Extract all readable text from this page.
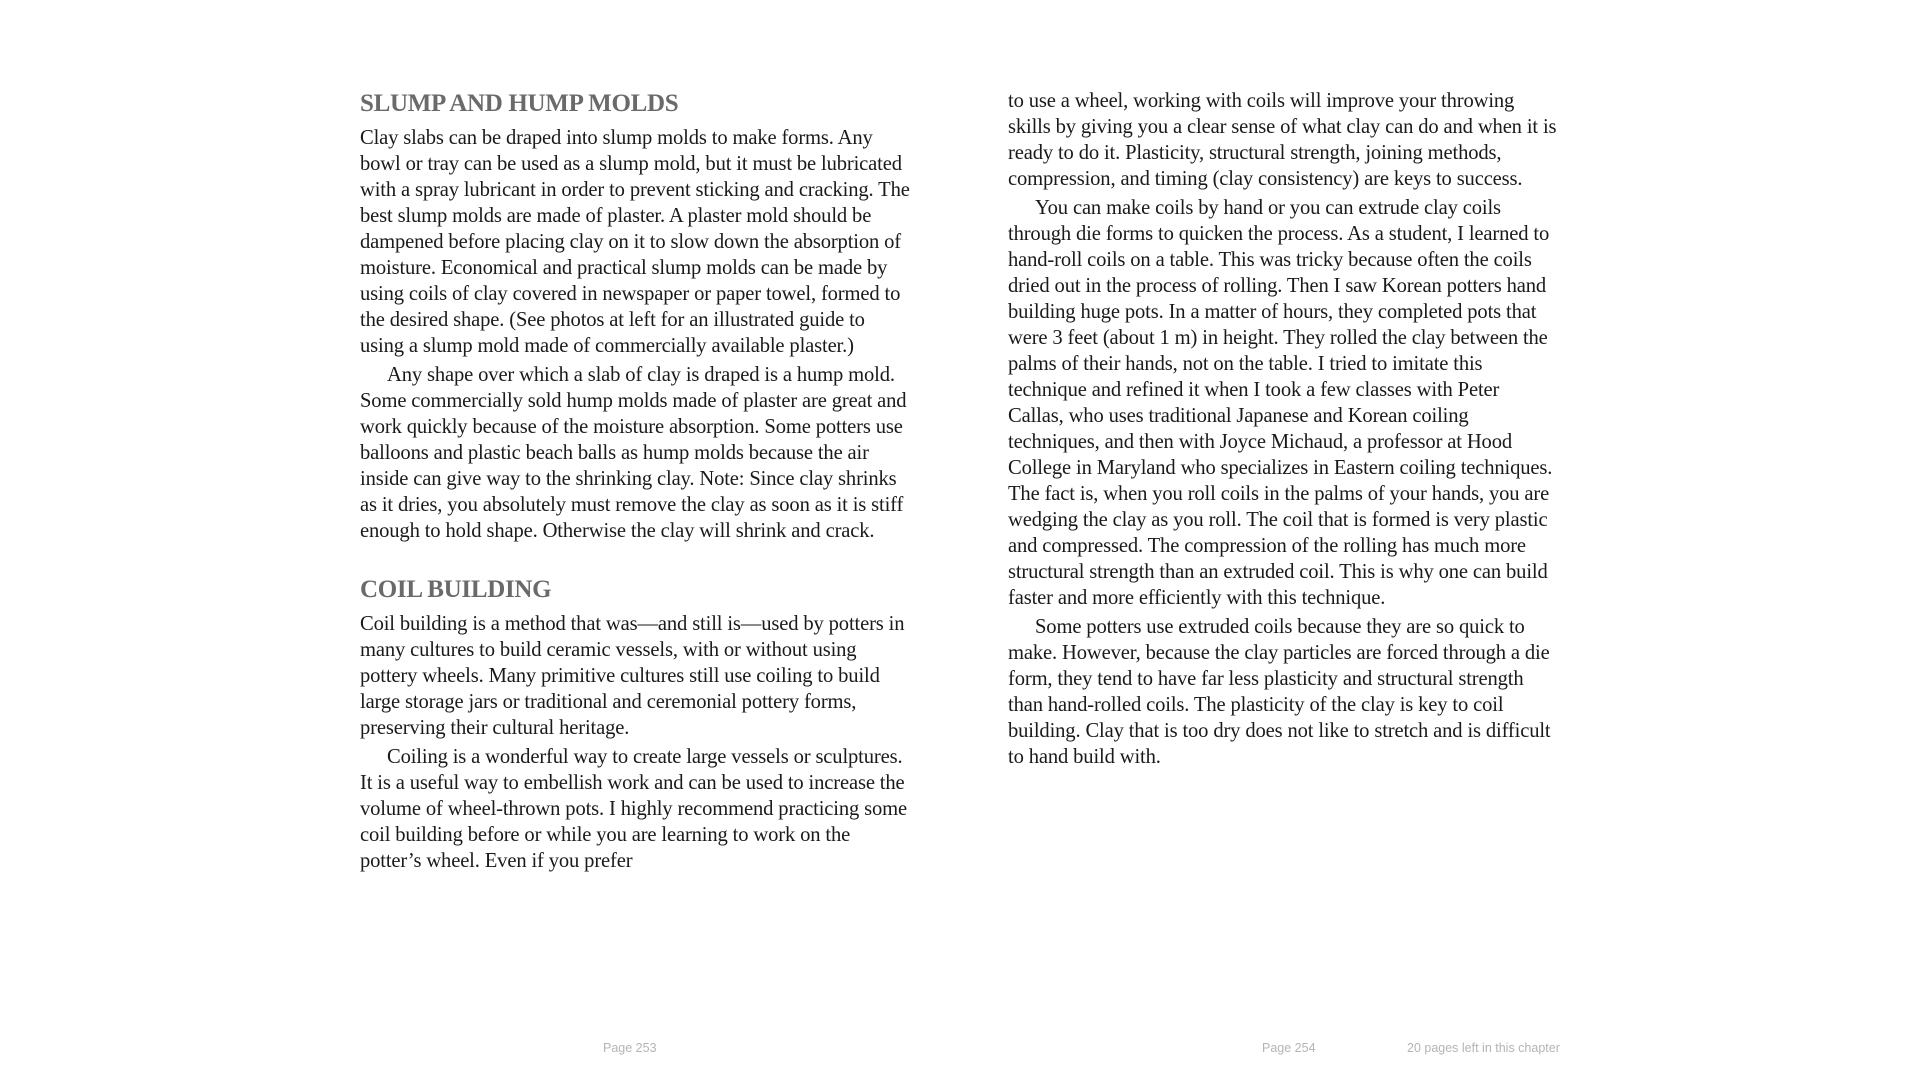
SLUMP AND HUMP MOLDS

Clay slabs can be draped into slump molds to make forms. Any bowl or tray can be used as a slump mold, but it must be lubricated with a spray lubricant in order to prevent sticking and cracking. The best slump molds are made of plaster. A plaster mold should be dampened before placing clay on it to slow down the absorption of moisture. Economical and practical slump molds can be made by using coils of clay covered in newspaper or paper towel, formed to the desired shape. (See photos at left for an illustrated guide to using a slump mold made of commercially available plaster.)

Any shape over which a slab of clay is draped is a hump mold. Some commercially sold hump molds made of plaster are great and work quickly because of the moisture absorption. Some potters use balloons and plastic beach balls as hump molds because the air inside can give way to the shrinking clay. Note: Since clay shrinks as it dries, you absolutely must remove the clay as soon as it is stiff enough to hold shape. Otherwise the clay will shrink and crack.

COIL BUILDING

Coil building is a method that was—and still is—used by potters in many cultures to build ceramic vessels, with or without using pottery wheels. Many primitive cultures still use coiling to build large storage jars or traditional and ceremonial pottery forms, preserving their cultural heritage.

Coiling is a wonderful way to create large vessels or sculptures. It is a useful way to embellish work and can be used to increase the volume of wheel-thrown pots. I highly recommend practicing some coil building before or while you are learning to work on the potter’s wheel. Even if you prefer

to use a wheel, working with coils will improve your throwing skills by giving you a clear sense of what clay can do and when it is ready to do it. Plasticity, structural strength, joining methods, compression, and timing (clay consistency) are keys to success.

You can make coils by hand or you can extrude clay coils through die forms to quicken the process. As a student, I learned to hand-roll coils on a table. This was tricky because often the coils dried out in the process of rolling. Then I saw Korean potters hand building huge pots. In a matter of hours, they completed pots that were 3 feet (about 1 m) in height. They rolled the clay between the palms of their hands, not on the table. I tried to imitate this technique and refined it when I took a few classes with Peter Callas, who uses traditional Japanese and Korean coiling techniques, and then with Joyce Michaud, a professor at Hood College in Maryland who specializes in Eastern coiling techniques. The fact is, when you roll coils in the palms of your hands, you are wedging the clay as you roll. The coil that is formed is very plastic and compressed. The compression of the rolling has much more structural strength than an extruded coil. This is why one can build faster and more efficiently with this technique.

Some potters use extruded coils because they are so quick to make. However, because the clay particles are forced through a die form, they tend to have far less plasticity and structural strength than hand-rolled coils. The plasticity of the clay is key to coil building. Clay that is too dry does not like to stretch and is difficult to hand build with.

Page 253	Page 254	20 pages left in this chapter
